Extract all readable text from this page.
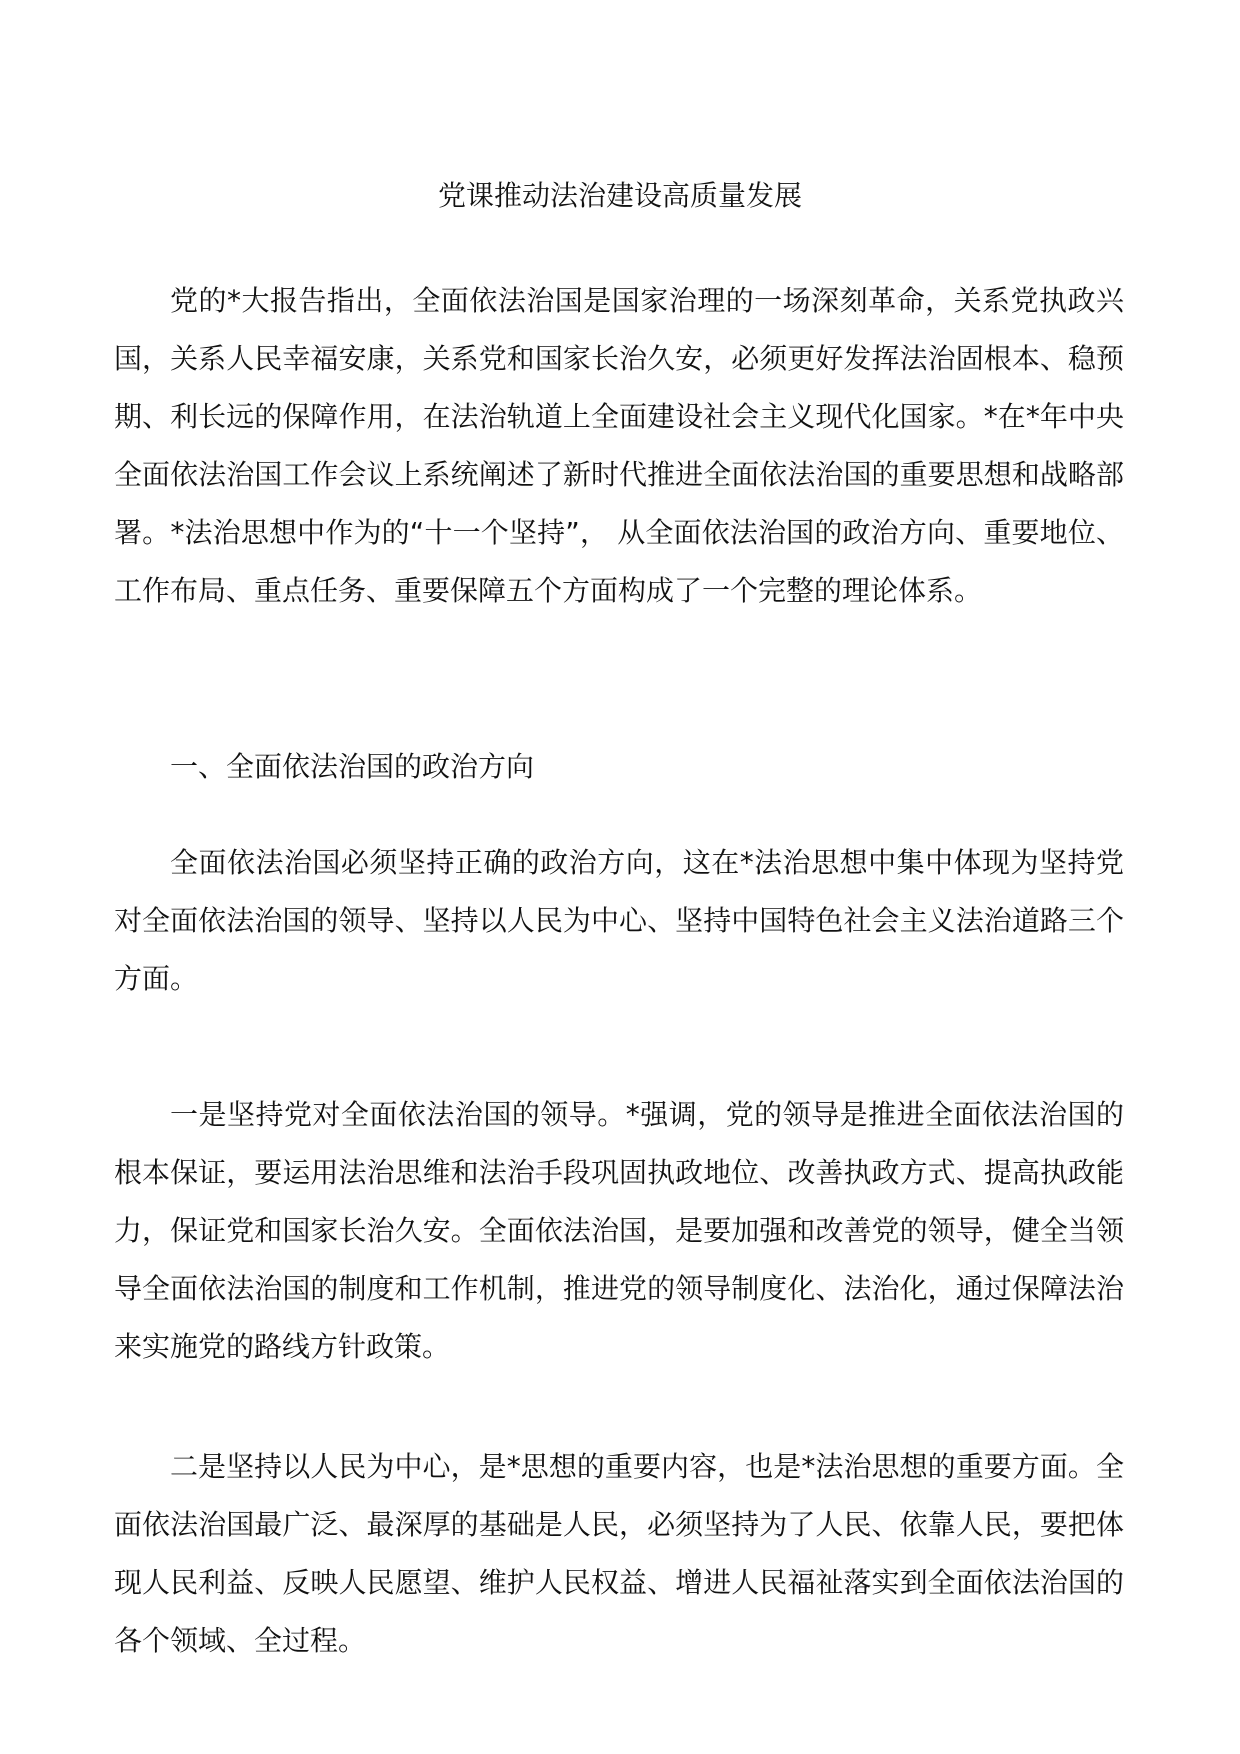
党课推动法治建设高质量发展

党的*大报告指出，全面依法治国是国家治理的一场深刻革命，关系党执政兴国，关系人民幸福安康，关系党和国家长治久安，必须更好发挥法治固根本、稳预期、利长远的保障作用，在法治轨道上全面建设社会主义现代化国家。*在*年中央全面依法治国工作会议上系统阐述了新时代推进全面依法治国的重要思想和战略部署。*法治思想中作为的“十一个坚持”， 从全面依法治国的政治方向、重要地位、工作布局、重点任务、重要保障五个方面构成了一个完整的理论体系。

一、全面依法治国的政治方向

全面依法治国必须坚持正确的政治方向，这在*法治思想中集中体现为坚持党对全面依法治国的领导、坚持以人民为中心、坚持中国特色社会主义法治道路三个方面。

一是坚持党对全面依法治国的领导。*强调，党的领导是推进全面依法治国的根本保证，要运用法治思维和法治手段巩固执政地位、改善执政方式、提高执政能力，保证党和国家长治久安。全面依法治国，是要加强和改善党的领导，健全当领导全面依法治国的制度和工作机制，推进党的领导制度化、法治化，通过保障法治来实施党的路线方针政策。

二是坚持以人民为中心，是*思想的重要内容，也是*法治思想的重要方面。全面依法治国最广泛、最深厚的基础是人民，必须坚持为了人民、依靠人民，要把体现人民利益、反映人民愿望、维护人民权益、增进人民福祉落实到全面依法治国的各个领域、全过程。
